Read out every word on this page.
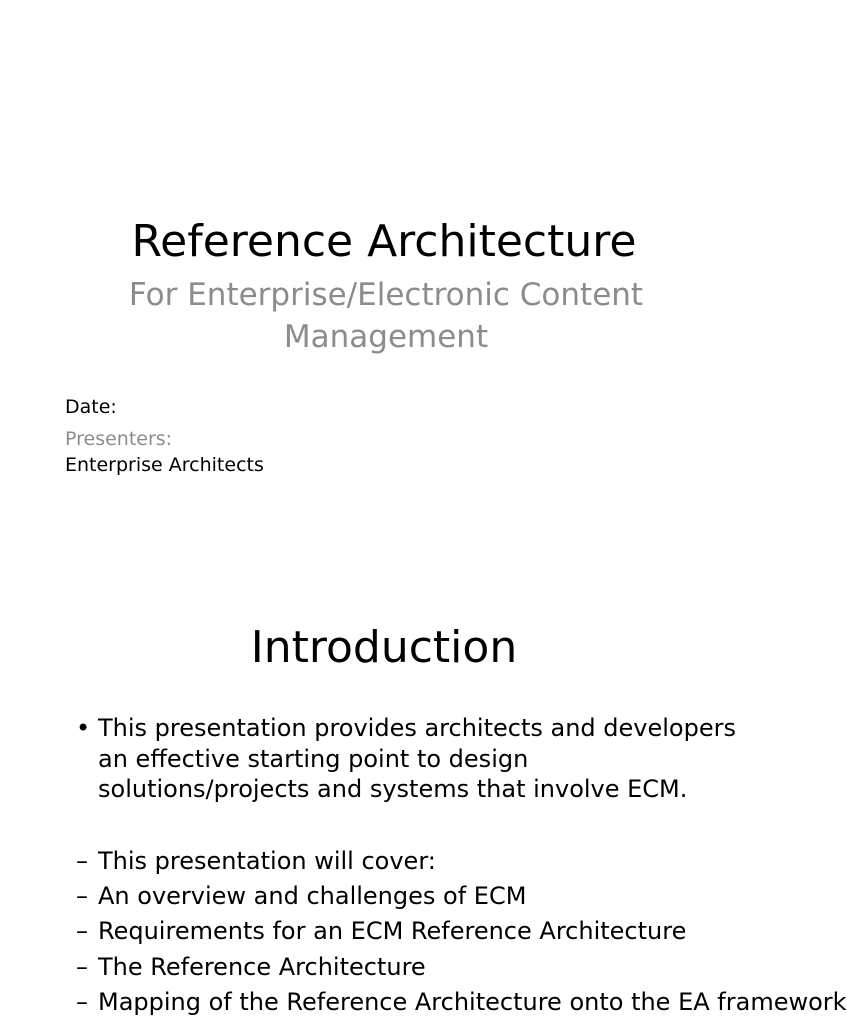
Reference Architecture
For Enterprise/Electronic Content Management
Date:
Presenters:
Enterprise Architects
Introduction
• This presentation provides architects and developers an effective starting point to design solutions/projects and systems that involve ECM.
– This presentation will cover:
– An overview and challenges of ECM
– Requirements for an ECM Reference Architecture
– The Reference Architecture
– Mapping of the Reference Architecture onto the EA framework
